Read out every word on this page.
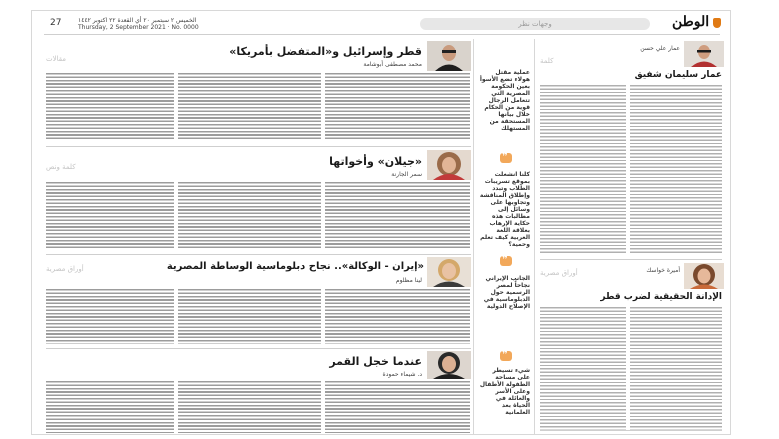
27	الخميس ٢ سبتمبر ٢٠ أي القعدة ٢٢ اكتوبر ١٤٤٢
Thursday, 2 September 2021 · No. 0000	وجهات نظر	الوطن
قطر وإسرائيل و«المتفضل بأمريكا»
محمد مصطفى أبوشامة
مقالات
«جيلان» وأخواتها
سمر الجارنة
كلمة ونص
«إيران - الوكالة».. نجاح دبلوماسية الوساطة المصرية
لينا مظلوم
أوراق مصرية
عندما خجل القمر
د. شيماء حمودة
عملية مقتل هولاء تضع الأسوأ بعين الحكومة المصرية التي تتعامل الرجال قوية من الحكام خلال بيانها المستحقة من المستهلك
❞
كلنا انشغلت بموقع تسريبات الطلاب وتبدد وإطلاق المناقشة وتجاوبها على وسائل إلى مطالبات هذه حكاية الإرهاب بعلاقة اللغة العربية كيف تعلم وحمية؟
❞
الجانب الإيراني نجاحاً لمصر الرسمية حول الدبلوماسية في الإصلاح الدولية
❞
شيء تسيطر على مساحة الطفولة الأطفال وعلى الأسر والعائلة في الحياة بعد العلمانية
عمار علي حسن
كلمة
عمار سليمان شفيق
أميرة خواسك
أوراق مصرية
الإدانة الحقيقية لضرب قطر
